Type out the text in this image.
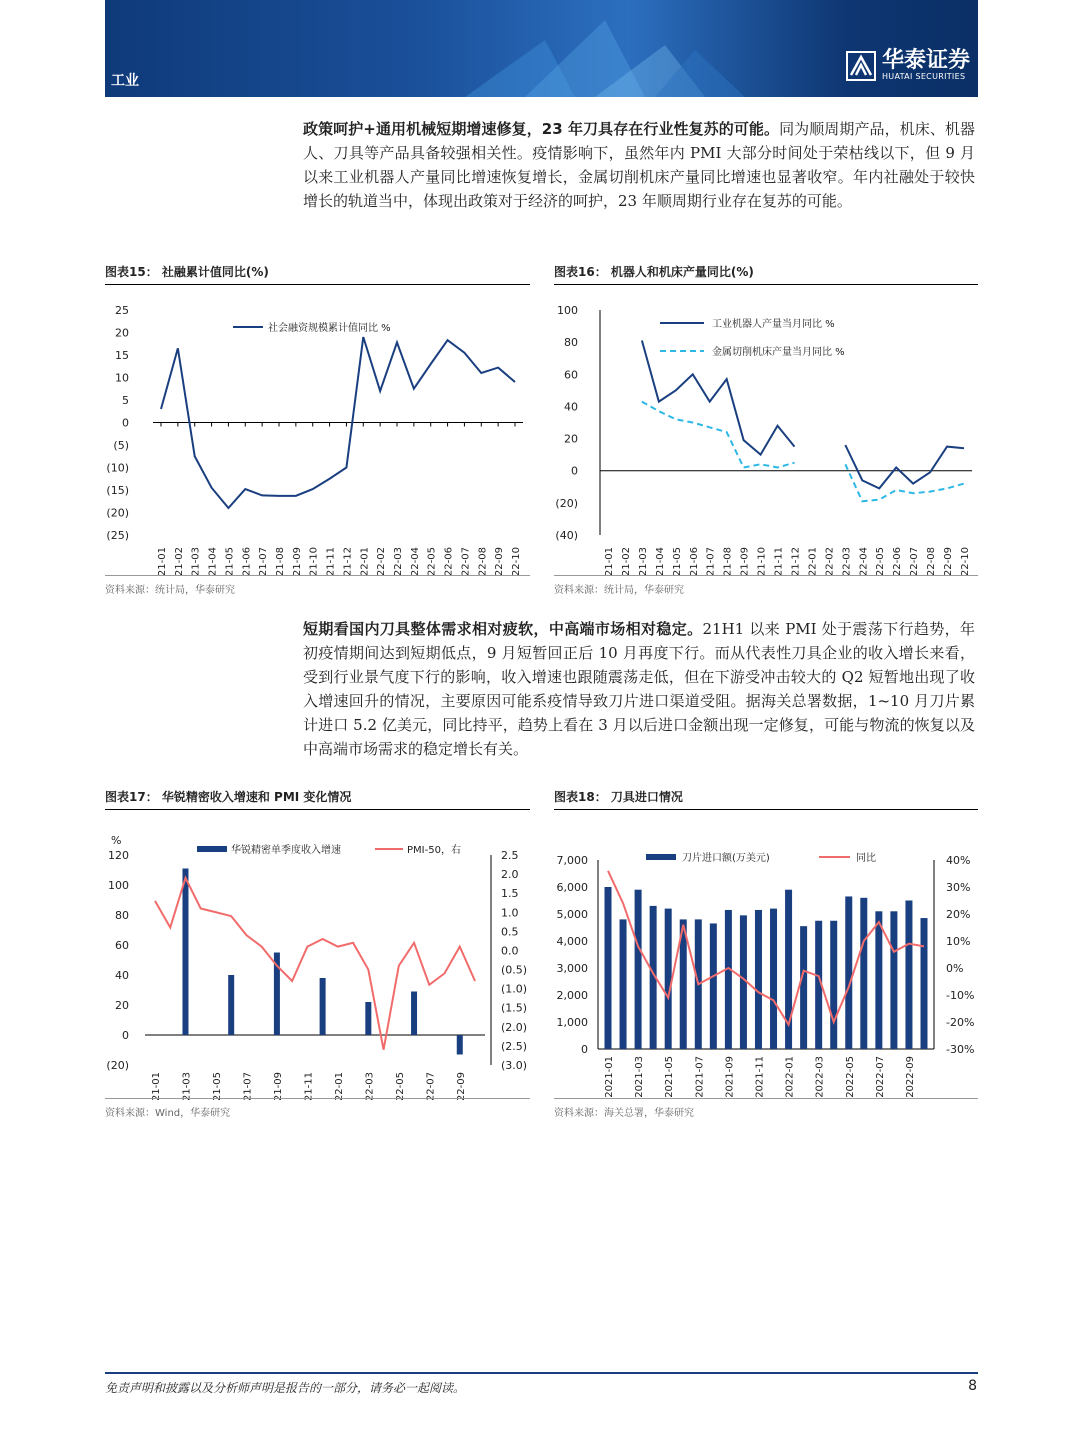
工业
华泰证券
HUATAI SECURITIES
政策呵护+通用机械短期增速修复，23 年刀具存在行业性复苏的可能。同为顺周期产品，机床、机器人、刀具等产品具备较强相关性。疫情影响下，虽然年内 PMI 大部分时间处于荣枯线以下，但 9 月以来工业机器人产量同比增速恢复增长，金属切削机床产量同比增速也显著收窄。年内社融处于较快增长的轨道当中，体现出政策对于经济的呵护，23 年顺周期行业存在复苏的可能。
图表15： 社融累计值同比(%)
25
20
15
10
5
0
(5)
(10)
(15)
(20)
(25)
社会融资规模累计值同比 %
2021-01 2021-02 2021-03 2021-04 2021-05 2021-06 2021-07 2021-08 2021-09 2021-10 2021-11 2021-12 2022-01 2022-02 2022-03 2022-04 2022-05 2022-06 2022-07 2022-08 2022-09 2022-10
资料来源：统计局，华泰研究
图表16： 机器人和机床产量同比(%)
100
80
60
40
20
0
(20)
(40)
工业机器人产量当月同比 %
金属切削机床产量当月同比 %
2021-01 2021-02 2021-03 2021-04 2021-05 2021-06 2021-07 2021-08 2021-09 2021-10 2021-11 2021-12 2022-01 2022-02 2022-03 2022-04 2022-05 2022-06 2022-07 2022-08 2022-09 2022-10
资料来源：统计局，华泰研究
短期看国内刀具整体需求相对疲软，中高端市场相对稳定。21H1 以来 PMI 处于震荡下行趋势，年初疫情期间达到短期低点，9 月短暂回正后 10 月再度下行。而从代表性刀具企业的收入增长来看，受到行业景气度下行的影响，收入增速也跟随震荡走低，但在下游受冲击较大的 Q2 短暂地出现了收入增速回升的情况，主要原因可能系疫情导致刀片进口渠道受阻。据海关总署数据，1~10 月刀片累计进口 5.2 亿美元，同比持平，趋势上看在 3 月以后进口金额出现一定修复，可能与物流的恢复以及中高端市场需求的稳定增长有关。
图表17： 华锐精密收入增速和 PMI 变化情况
%
120
100
80
60
40
20
0
(20)
2.5
2.0
1.5
1.0
0.5
0.0
(0.5)
(1.0)
(1.5)
(2.0)
(2.5)
(3.0)
华锐精密单季度收入增速	PMI-50，右
2021-01 2021-03 2021-05 2021-07 2021-09 2021-11 2022-01 2022-03 2022-05 2022-07 2022-09
资料来源：Wind，华泰研究
图表18： 刀具进口情况
7,000
6,000
5,000
4,000
3,000
2,000
1,000
0
40%
30%
20%
10%
0%
-10%
-20%
-30%
刀片进口额(万美元)	同比
2021-01 2021-03 2021-05 2021-07 2021-09 2021-11 2022-01 2022-03 2022-05 2022-07 2022-09
资料来源：海关总署，华泰研究
免责声明和披露以及分析师声明是报告的一部分，请务必一起阅读。	8
